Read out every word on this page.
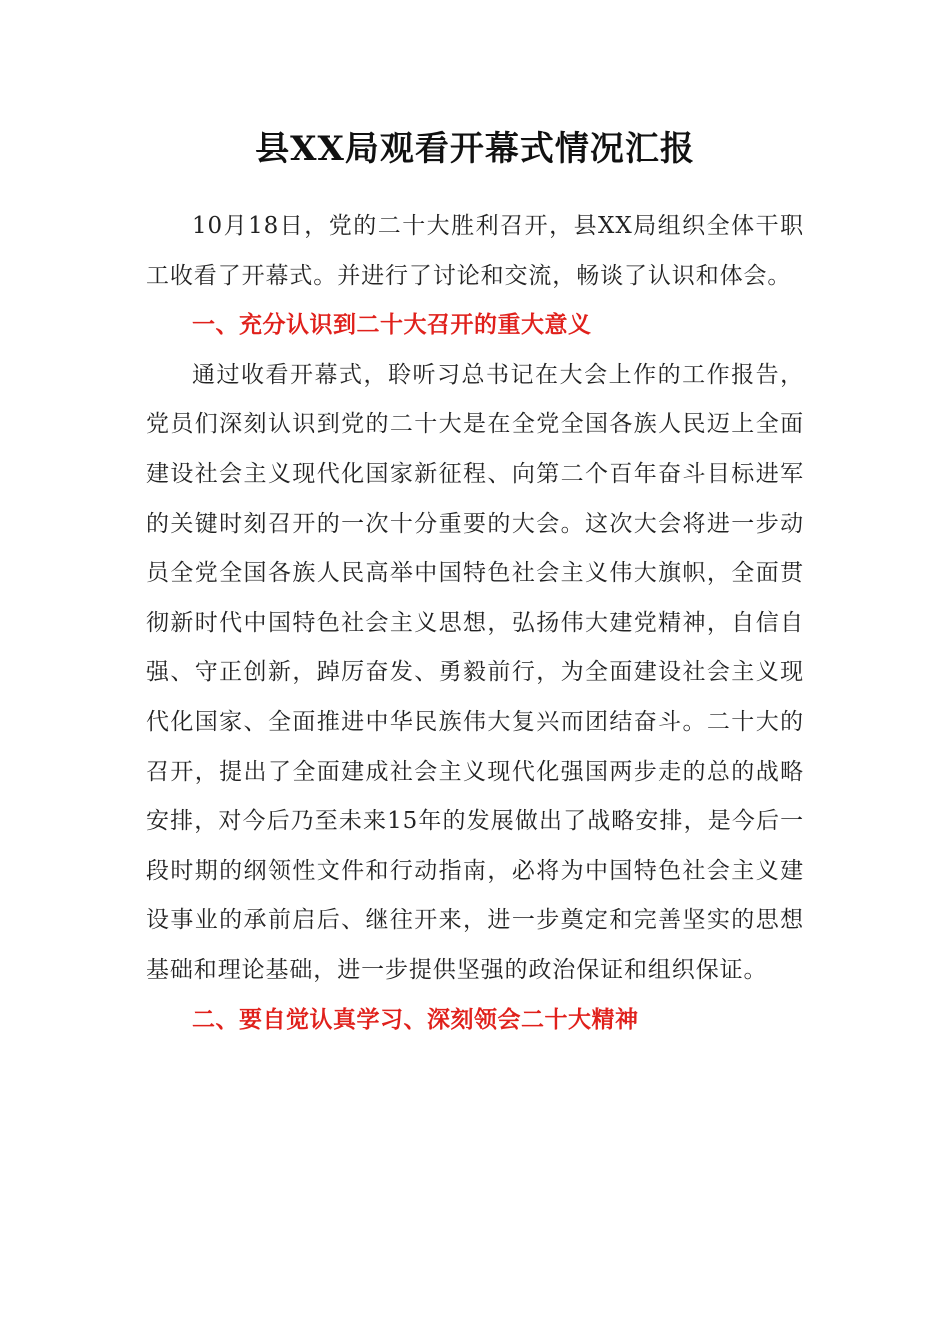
县XX局观看开幕式情况汇报

10月18日，党的二十大胜利召开，县XX局组织全体干职工收看了开幕式。并进行了讨论和交流，畅谈了认识和体会。

一、充分认识到二十大召开的重大意义

通过收看开幕式，聆听习总书记在大会上作的工作报告，党员们深刻认识到党的二十大是在全党全国各族人民迈上全面建设社会主义现代化国家新征程、向第二个百年奋斗目标进军的关键时刻召开的一次十分重要的大会。这次大会将进一步动员全党全国各族人民高举中国特色社会主义伟大旗帜，全面贯彻新时代中国特色社会主义思想，弘扬伟大建党精神，自信自强、守正创新，踔厉奋发、勇毅前行，为全面建设社会主义现代化国家、全面推进中华民族伟大复兴而团结奋斗。二十大的召开，提出了全面建成社会主义现代化强国两步走的总的战略安排，对今后乃至未来15年的发展做出了战略安排，是今后一段时期的纲领性文件和行动指南，必将为中国特色社会主义建设事业的承前启后、继往开来，进一步奠定和完善坚实的思想基础和理论基础，进一步提供坚强的政治保证和组织保证。

二、要自觉认真学习、深刻领会二十大精神
